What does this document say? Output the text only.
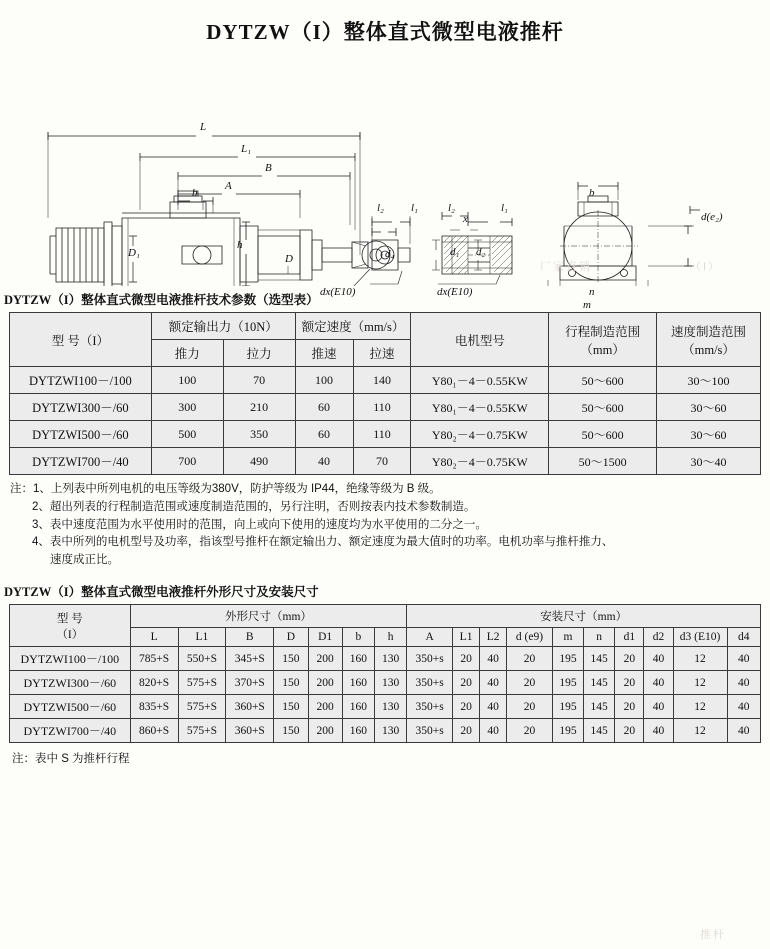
DYTZW（I）整体直式微型电液推杆
L
L₁
B
A
b
h
D
D₁
l₂ l₁
d₄
dx(E10)
l₂	l₁
d₁ d₂
x
dx(E10)
b
d(e₂)
n
m
DYTZW（I）整体直式微型电液推杆技术参数（选型表）
型 号（I）	额定输出力（10N）		额定速度（mm/s）		电机型号	行程制造范围（mm）	速度制造范围（mm/s）
	推力	拉力	推速	拉速			
DYTZWI100－/100	100	70	100	140	Y80₁－4－0.55KW	50～600	30～100
DYTZWI300－/60	300	210	60	110	Y80₁－4－0.55KW	50～600	30～60
DYTZWI500－/60	500	350	60	110	Y80₂－4－0.75KW	50～600	30～60
DYTZWI700－/40	700	490	40	70	Y80₂－4－0.75KW	50～1500	30～40
注：1、上列表中所列电机的电压等级为380V，防护等级为 IP44，绝缘等级为 B 级。
2、超出列表的行程制造范围或速度制造范围的，另行注明，否则按表内技术参数制造。
3、表中速度范围为水平使用时的范围，向上或向下使用的速度均为水平使用的二分之一。
4、表中所列的电机型号及功率，指该型号推杆在额定输出力、额定速度为最大值时的功率。电机功率与推杆推力、
速度成正比。
DYTZW（I）整体直式微型电液推杆外形尺寸及安装尺寸
型 号
（I）	外形尺寸（mm）							安装尺寸（mm）									
	L	L1	B	D	D1	b	h	A	L1	L2	d (e9)	m	n	d1	d2	d3 (E10)	d4
DYTZWI100－/100	785+S	550+S	345+S	150	200	160	130	350+s	20	40	20	195	145	20	40	12	40
DYTZWI300－/60	820+S	575+S	370+S	150	200	160	130	350+s	20	40	20	195	145	20	40	12	40
DYTZWI500－/60	835+S	575+S	360+S	150	200	160	130	350+s	20	40	20	195	145	20	40	12	40
DYTZWI700－/40	860+S	575+S	360+S	150	200	160	130	350+s	20	40	20	195	145	20	40	12	40
注：表中 S 为推杆行程
厂家直销	（I）
推杆
